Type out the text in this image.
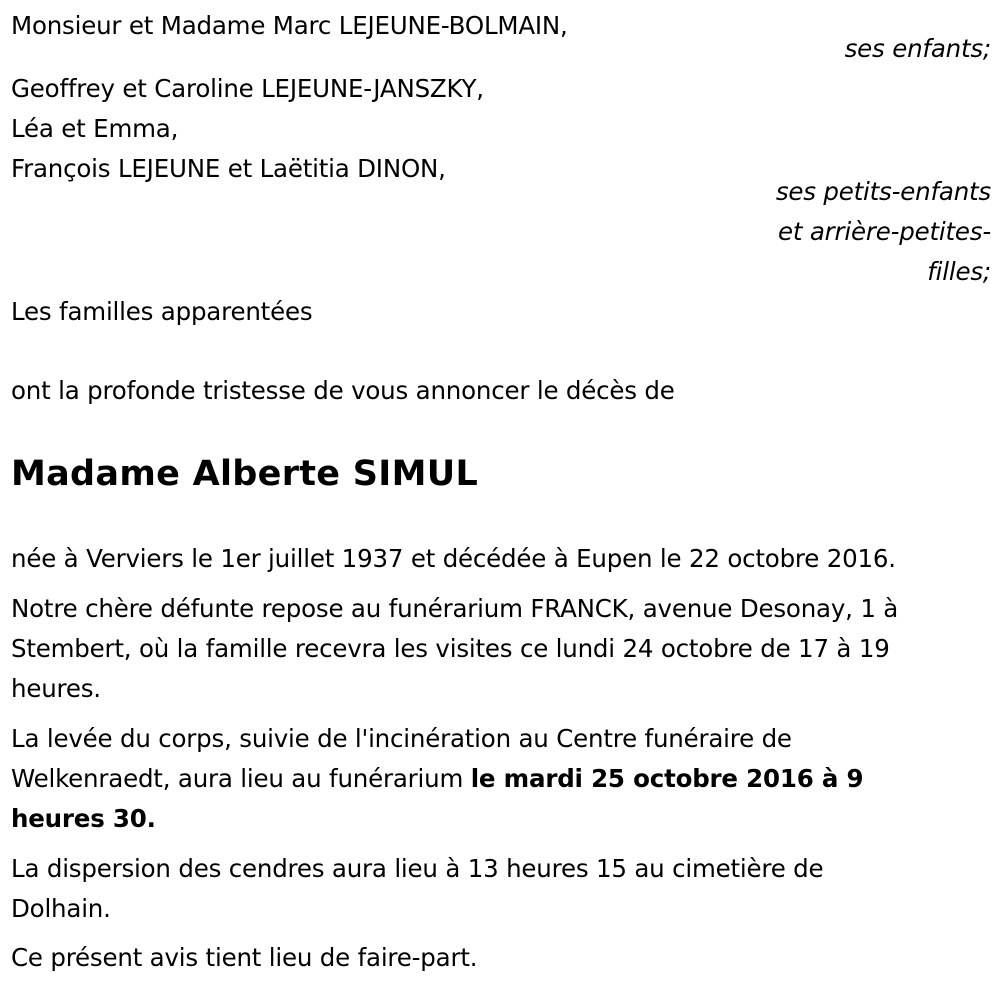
Monsieur et Madame Marc LEJEUNE-BOLMAIN,
ses enfants;
Geoffrey et Caroline LEJEUNE-JANSZKY,
Léa et Emma,
François LEJEUNE et Laëtitia DINON,
ses petits-enfants
et arrière-petites-
filles;
Les familles apparentées
ont la profonde tristesse de vous annoncer le décès de
Madame Alberte SIMUL
née à Verviers le 1er juillet 1937 et décédée à Eupen le 22 octobre 2016.
Notre chère défunte repose au funérarium FRANCK, avenue Desonay, 1 à
Stembert, où la famille recevra les visites ce lundi 24 octobre de 17 à 19
heures.
La levée du corps, suivie de l'incinération au Centre funéraire de
Welkenraedt, aura lieu au funérarium le mardi 25 octobre 2016 à 9
heures 30.
La dispersion des cendres aura lieu à 13 heures 15 au cimetière de
Dolhain.
Ce présent avis tient lieu de faire-part.
